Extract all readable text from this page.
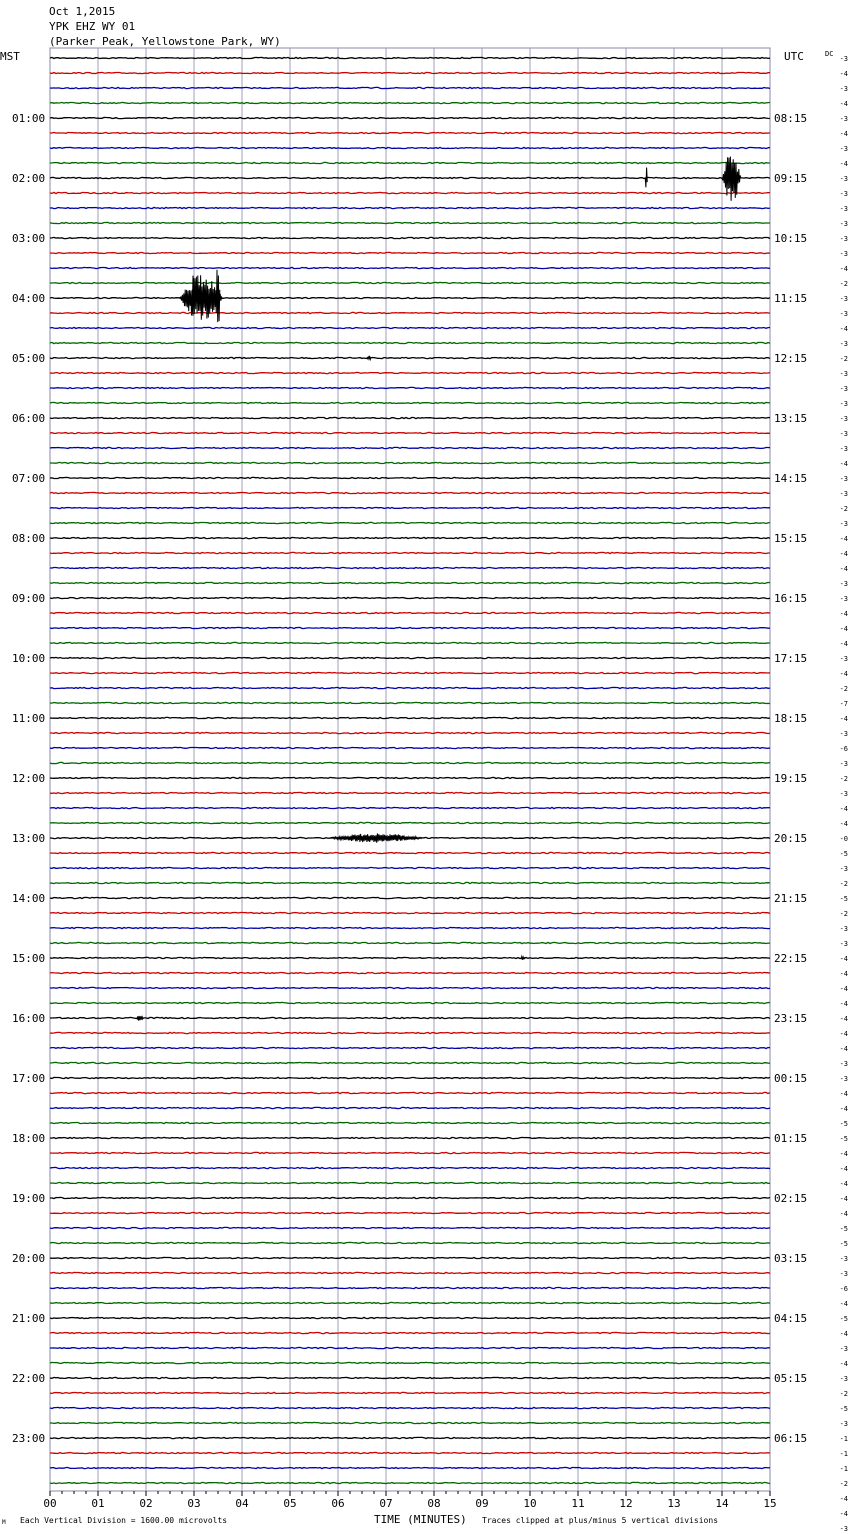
Oct 1,2015
YPK EHZ WY 01
(Parker Peak, Yellowstone Park, WY)
MST	UTC	DC
01:00
02:00
03:00
04:00
05:00
06:00
07:00
08:00
09:00
10:00
11:00
12:00
13:00
14:00
15:00
16:00
17:00
18:00
19:00
20:00
21:00
22:00
23:00
08:15
09:15
10:15
11:15
12:15
13:15
14:15
15:15
16:15
17:15
18:15
19:15
20:15
21:15
22:15
23:15
00:15
01:15
02:15
03:15
04:15
05:15
06:15
-3
-4
-3
-4
-3
-4
-3
-4
-3
-3
-3
-3
-3
-3
-4
-2
-3
-3
-4
-3
-2
-3
-3
-3
-3
-3
-3
-4
-3
-3
-2
-3
-4
-4
-4
-3
-3
-4
-4
-4
-3
-4
-2
-7
-4
-3
-6
-3
-2
-3
-4
-4
-0
-5
-3
-2
-5
-2
-3
-3
-4
-4
-4
-4
-4
-4
-4
-3
-3
-4
-4
-5
-5
-4
-4
-4
-4
-4
-5
-5
-3
-3
-6
-4
-5
-4
-3
-4
-3
-2
-5
-3
-1
-1
-1
-2
-4
-4
-3
00	01	02	03	04	05	06	07	08	09	10	11	12	13	14	15
M Each Vertical Division = 1600.00 microvolts	TIME (MINUTES) Traces clipped at plus/minus 5 vertical divisions
